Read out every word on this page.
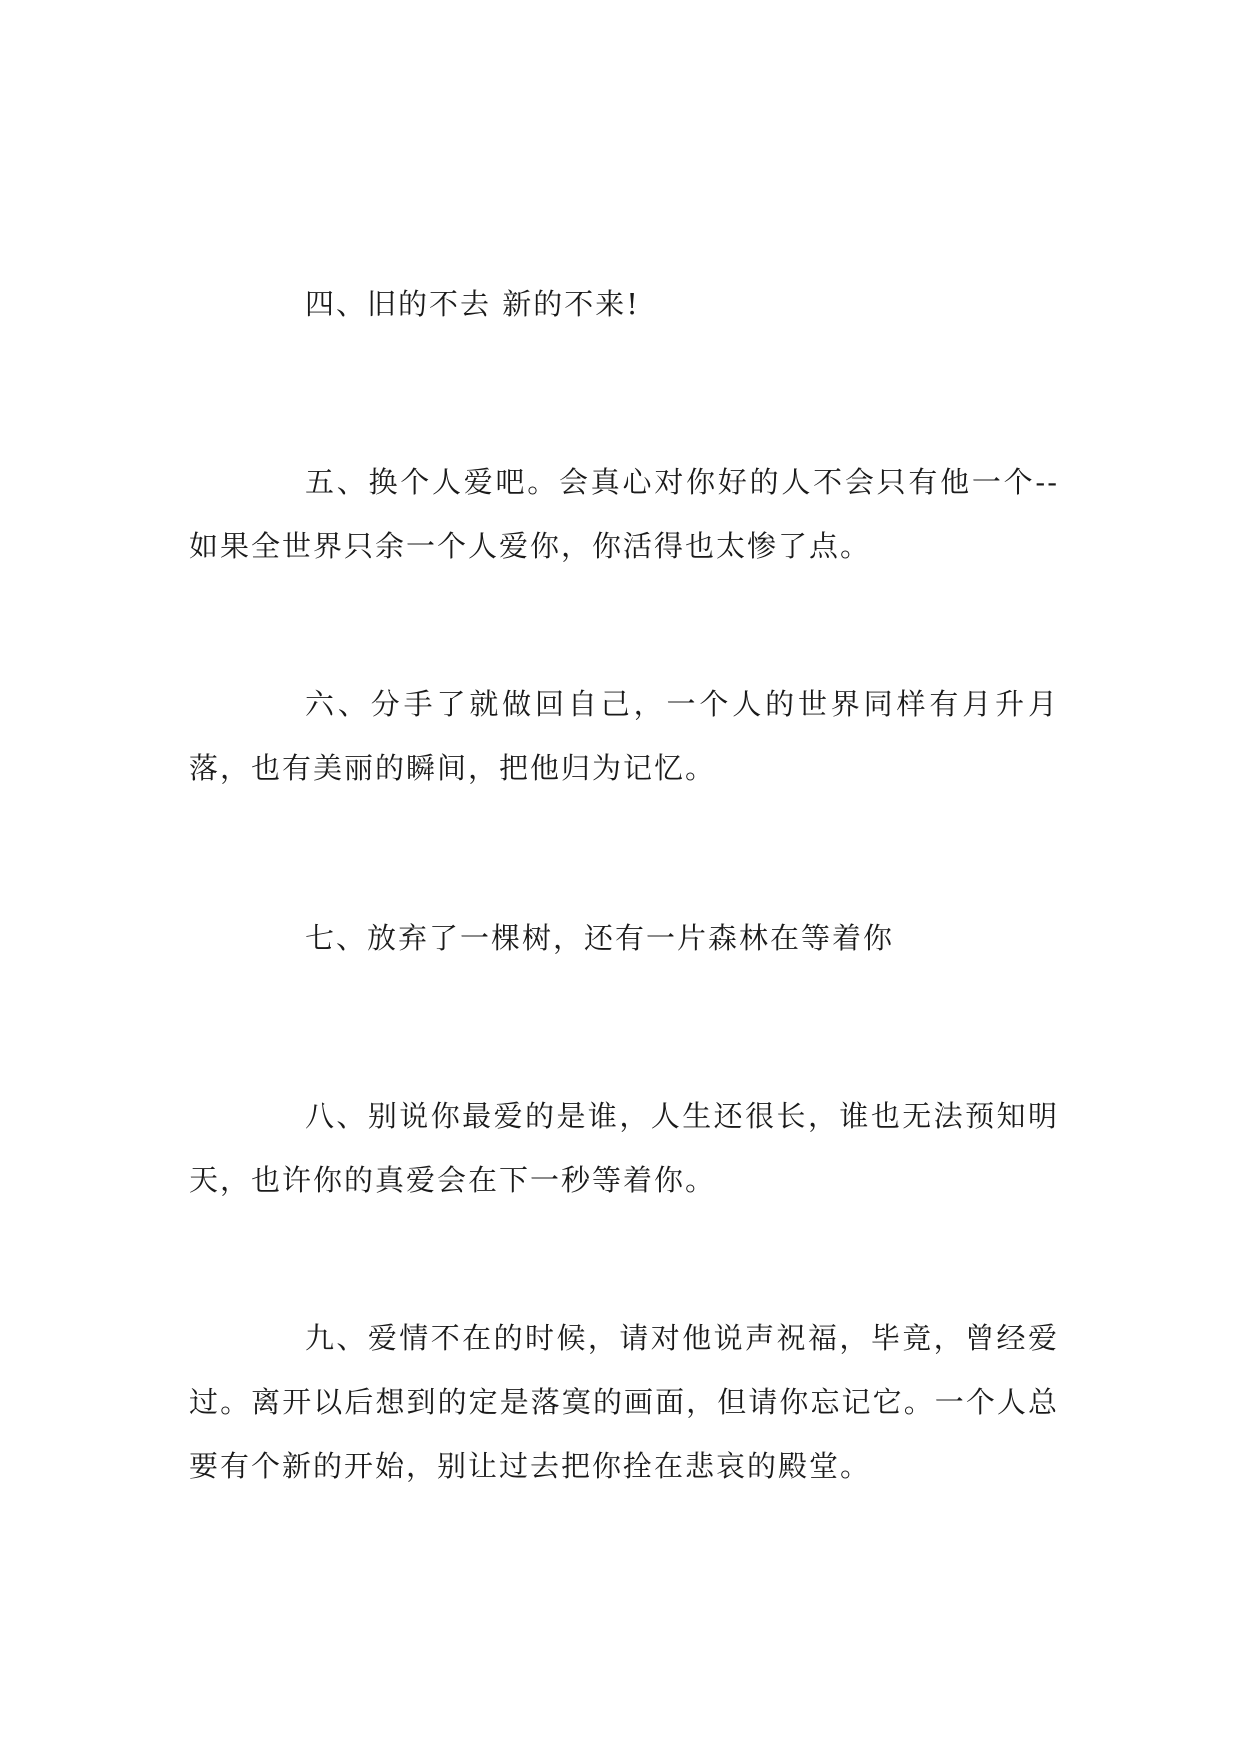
四、旧的不去 新的不来!

五、换个人爱吧。会真心对你好的人不会只有他一个--如果全世界只余一个人爱你，你活得也太惨了点。

六、分手了就做回自己，一个人的世界同样有月升月落，也有美丽的瞬间，把他归为记忆。

七、放弃了一棵树，还有一片森林在等着你

八、别说你最爱的是谁，人生还很长，谁也无法预知明天，也许你的真爱会在下一秒等着你。

九、爱情不在的时候，请对他说声祝福，毕竟，曾经爱过。离开以后想到的定是落寞的画面，但请你忘记它。一个人总要有个新的开始，别让过去把你拴在悲哀的殿堂。
